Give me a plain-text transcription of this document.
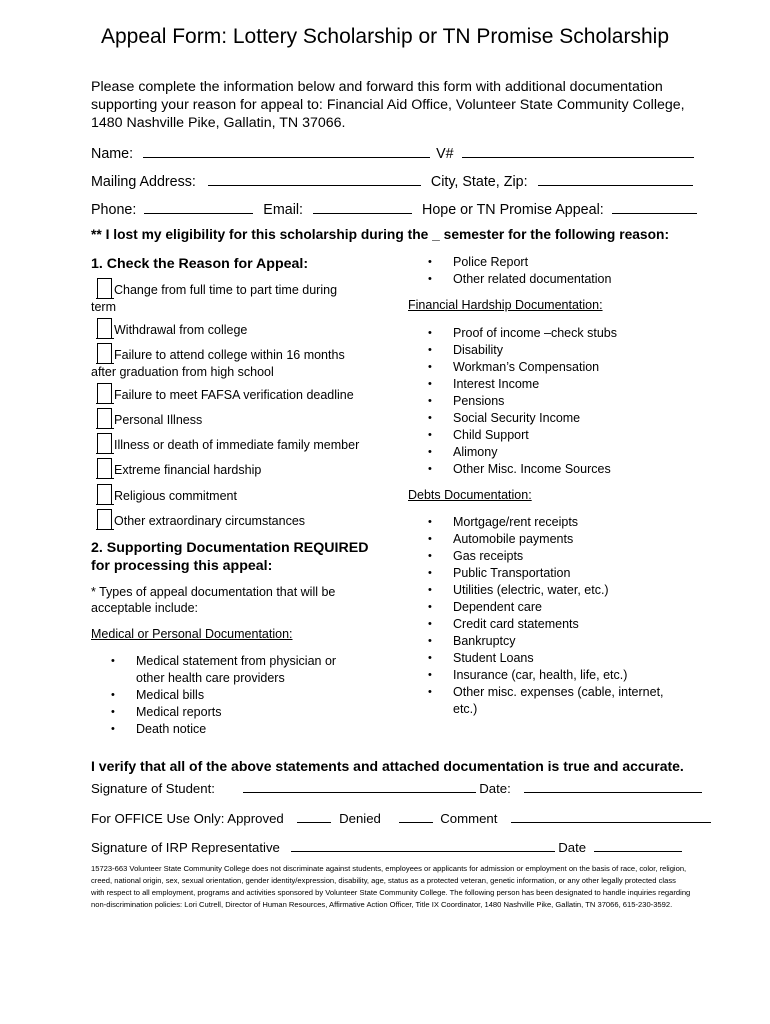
Appeal Form: Lottery Scholarship or TN Promise Scholarship
Please complete the information below and forward this form with additional documentation supporting your reason for appeal to: Financial Aid Office, Volunteer State Community College, 1480 Nashville Pike, Gallatin, TN 37066.
Name:	V#
Mailing Address:	City, State, Zip:
Phone:	Email:	Hope or TN Promise Appeal:
** I lost my eligibility for this scholarship during the _ semester for the following reason:
1. Check the Reason for Appeal:
Change from full time to part time during
term
Withdrawal from college
Failure to attend college within 16 months
after graduation from high school
Failure to meet FAFSA verification deadline
Personal Illness
Illness or death of immediate family member
Extreme financial hardship
Religious commitment
Other extraordinary circumstances
2. Supporting Documentation REQUIRED
for processing this appeal:
* Types of appeal documentation that will be
acceptable include:
Medical or Personal Documentation:
• Medical statement from physician or
other health care providers
• Medical bills
• Medical reports
• Death notice
• Police Report
• Other related documentation
Financial Hardship Documentation:
• Proof of income –check stubs
• Disability
• Workman’s Compensation
• Interest Income
• Pensions
• Social Security Income
• Child Support
• Alimony
• Other Misc. Income Sources
Debts Documentation:
• Mortgage/rent receipts
• Automobile payments
• Gas receipts
• Public Transportation
• Utilities (electric, water, etc.)
• Dependent care
• Credit card statements
• Bankruptcy
• Student Loans
• Insurance (car, health, life, etc.)
• Other misc. expenses (cable, internet,
etc.)
I verify that all of the above statements and attached documentation is true and accurate.
Signature of Student:	Date:
For OFFICE Use Only: Approved	Denied	Comment
Signature of IRP Representative	Date
15723-663 Volunteer State Community College does not discriminate against students, employees or applicants for admission or employment on the basis of race, color, religion, creed, national origin, sex, sexual orientation, gender identity/expression, disability, age, status as a protected veteran, genetic information, or any other legally protected class with respect to all employment, programs and activities sponsored by Volunteer State Community College. The following person has been designated to handle inquiries regarding non-discrimination policies: Lori Cutrell, Director of Human Resources, Affirmative Action Officer, Title IX Coordinator, 1480 Nashville Pike, Gallatin, TN 37066, 615-230-3592.
